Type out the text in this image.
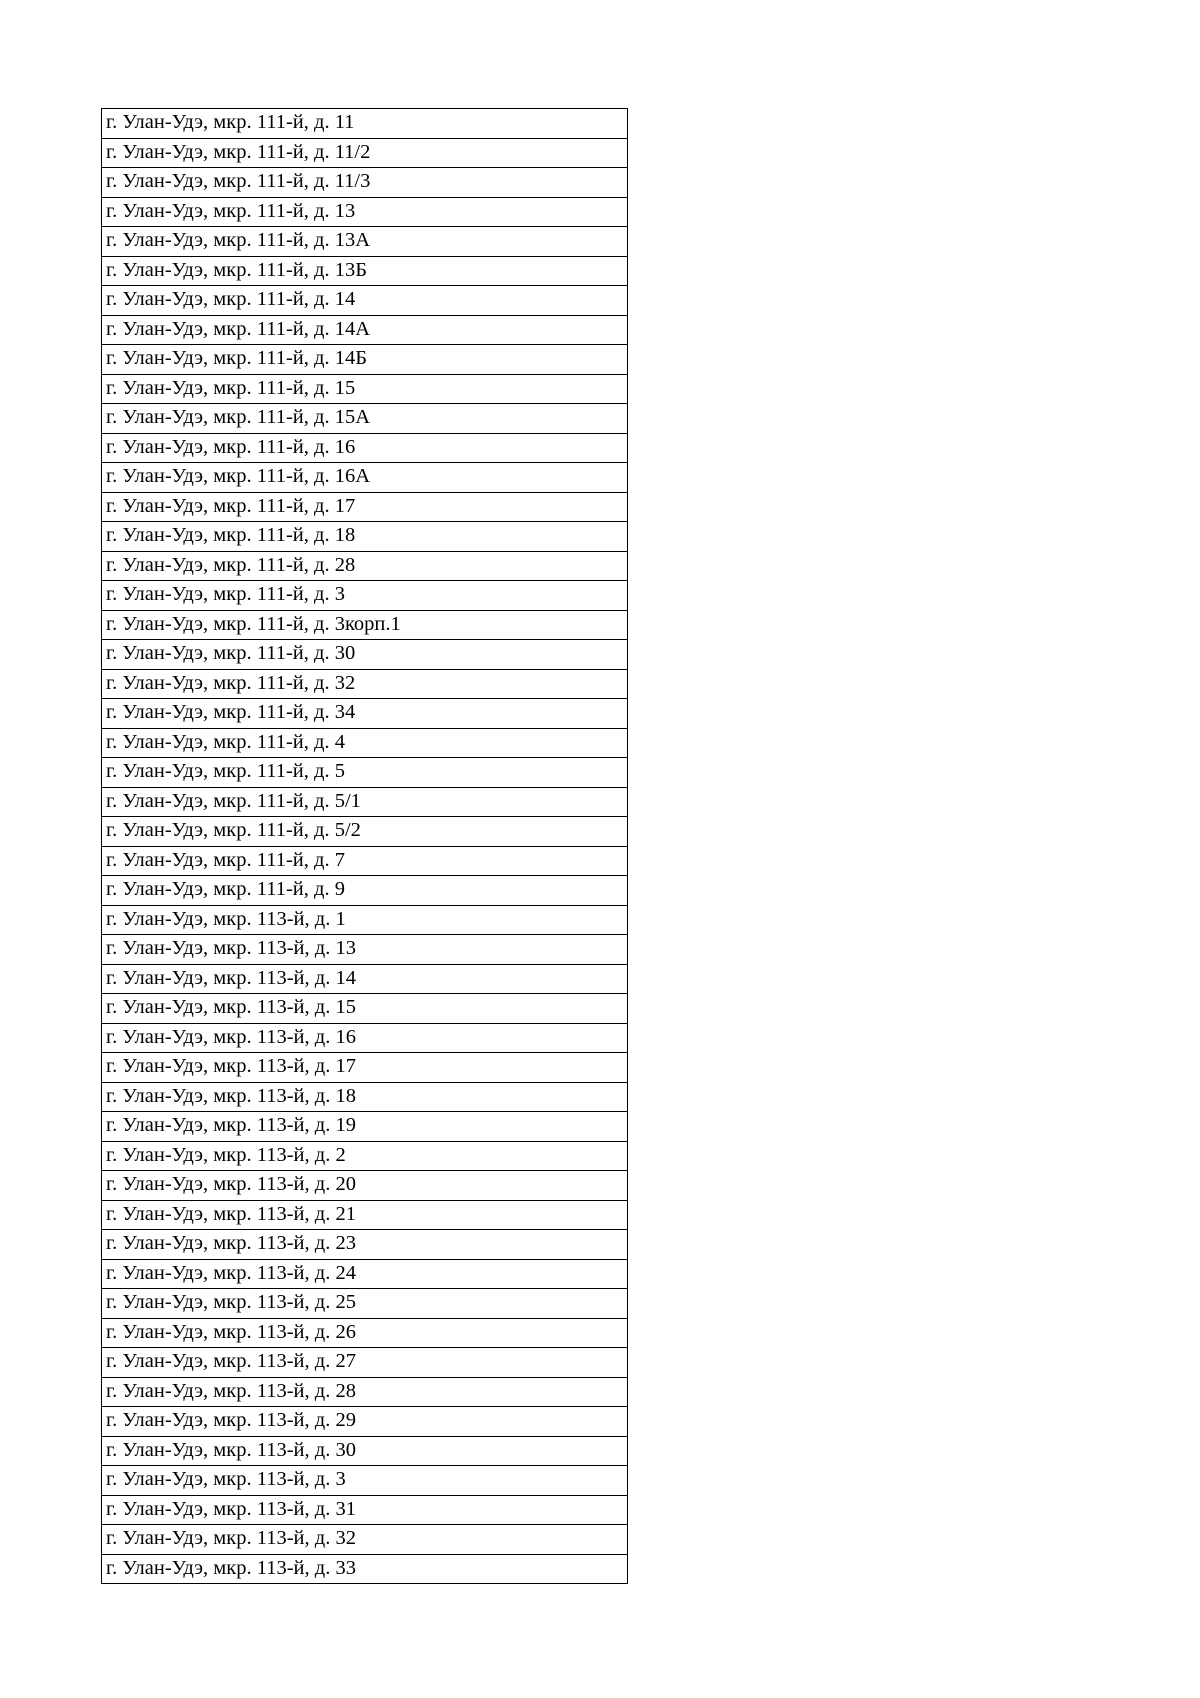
г. Улан-Удэ, мкр. 111-й, д. 11
г. Улан-Удэ, мкр. 111-й, д. 11/2
г. Улан-Удэ, мкр. 111-й, д. 11/3
г. Улан-Удэ, мкр. 111-й, д. 13
г. Улан-Удэ, мкр. 111-й, д. 13А
г. Улан-Удэ, мкр. 111-й, д. 13Б
г. Улан-Удэ, мкр. 111-й, д. 14
г. Улан-Удэ, мкр. 111-й, д. 14А
г. Улан-Удэ, мкр. 111-й, д. 14Б
г. Улан-Удэ, мкр. 111-й, д. 15
г. Улан-Удэ, мкр. 111-й, д. 15А
г. Улан-Удэ, мкр. 111-й, д. 16
г. Улан-Удэ, мкр. 111-й, д. 16А
г. Улан-Удэ, мкр. 111-й, д. 17
г. Улан-Удэ, мкр. 111-й, д. 18
г. Улан-Удэ, мкр. 111-й, д. 28
г. Улан-Удэ, мкр. 111-й, д. 3
г. Улан-Удэ, мкр. 111-й, д. 3корп.1
г. Улан-Удэ, мкр. 111-й, д. 30
г. Улан-Удэ, мкр. 111-й, д. 32
г. Улан-Удэ, мкр. 111-й, д. 34
г. Улан-Удэ, мкр. 111-й, д. 4
г. Улан-Удэ, мкр. 111-й, д. 5
г. Улан-Удэ, мкр. 111-й, д. 5/1
г. Улан-Удэ, мкр. 111-й, д. 5/2
г. Улан-Удэ, мкр. 111-й, д. 7
г. Улан-Удэ, мкр. 111-й, д. 9
г. Улан-Удэ, мкр. 113-й, д. 1
г. Улан-Удэ, мкр. 113-й, д. 13
г. Улан-Удэ, мкр. 113-й, д. 14
г. Улан-Удэ, мкр. 113-й, д. 15
г. Улан-Удэ, мкр. 113-й, д. 16
г. Улан-Удэ, мкр. 113-й, д. 17
г. Улан-Удэ, мкр. 113-й, д. 18
г. Улан-Удэ, мкр. 113-й, д. 19
г. Улан-Удэ, мкр. 113-й, д. 2
г. Улан-Удэ, мкр. 113-й, д. 20
г. Улан-Удэ, мкр. 113-й, д. 21
г. Улан-Удэ, мкр. 113-й, д. 23
г. Улан-Удэ, мкр. 113-й, д. 24
г. Улан-Удэ, мкр. 113-й, д. 25
г. Улан-Удэ, мкр. 113-й, д. 26
г. Улан-Удэ, мкр. 113-й, д. 27
г. Улан-Удэ, мкр. 113-й, д. 28
г. Улан-Удэ, мкр. 113-й, д. 29
г. Улан-Удэ, мкр. 113-й, д. 30
г. Улан-Удэ, мкр. 113-й, д. 3
г. Улан-Удэ, мкр. 113-й, д. 31
г. Улан-Удэ, мкр. 113-й, д. 32
г. Улан-Удэ, мкр. 113-й, д. 33
